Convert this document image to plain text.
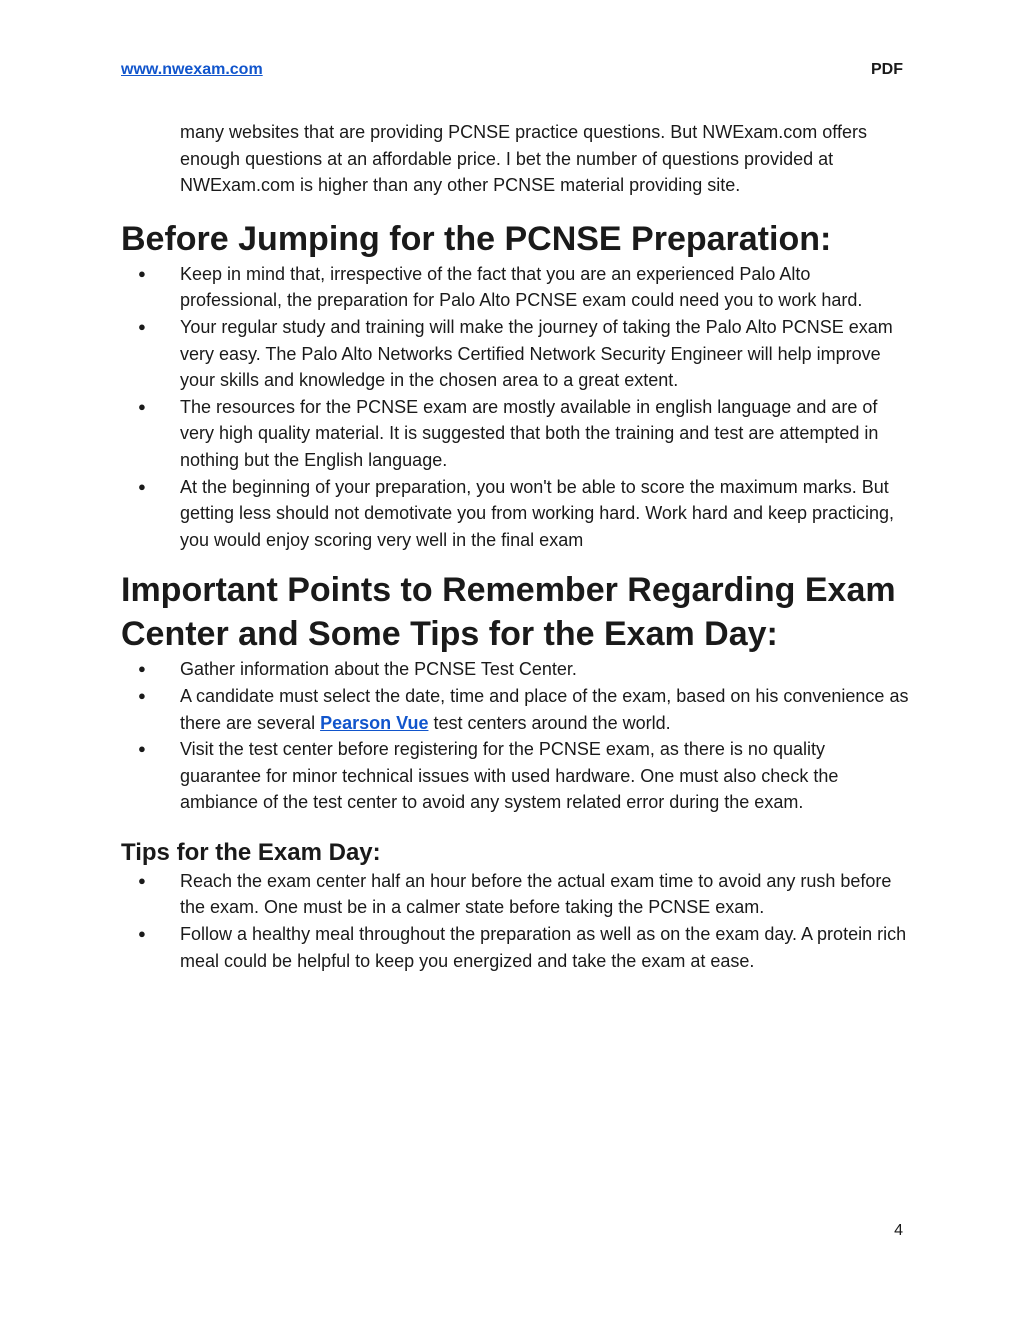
www.nwexam.com	PDF

many websites that are providing PCNSE practice questions. But NWExam.com offers enough questions at an affordable price. I bet the number of questions provided at NWExam.com is higher than any other PCNSE material providing site.

Before Jumping for the PCNSE Preparation:
● Keep in mind that, irrespective of the fact that you are an experienced Palo Alto professional, the preparation for Palo Alto PCNSE exam could need you to work hard.
● Your regular study and training will make the journey of taking the Palo Alto PCNSE exam very easy. The Palo Alto Networks Certified Network Security Engineer will help improve your skills and knowledge in the chosen area to a great extent.
● The resources for the PCNSE exam are mostly available in english language and are of very high quality material. It is suggested that both the training and test are attempted in nothing but the English language.
● At the beginning of your preparation, you won't be able to score the maximum marks. But getting less should not demotivate you from working hard. Work hard and keep practicing, you would enjoy scoring very well in the final exam
Important Points to Remember Regarding Exam Center and Some Tips for the Exam Day:
● Gather information about the PCNSE Test Center.
● A candidate must select the date, time and place of the exam, based on his convenience as there are several Pearson Vue test centers around the world.
● Visit the test center before registering for the PCNSE exam, as there is no quality guarantee for minor technical issues with used hardware. One must also check the ambiance of the test center to avoid any system related error during the exam.
Tips for the Exam Day:
● Reach the exam center half an hour before the actual exam time to avoid any rush before the exam. One must be in a calmer state before taking the PCNSE exam.
● Follow a healthy meal throughout the preparation as well as on the exam day. A protein rich meal could be helpful to keep you energized and take the exam at ease.
4
